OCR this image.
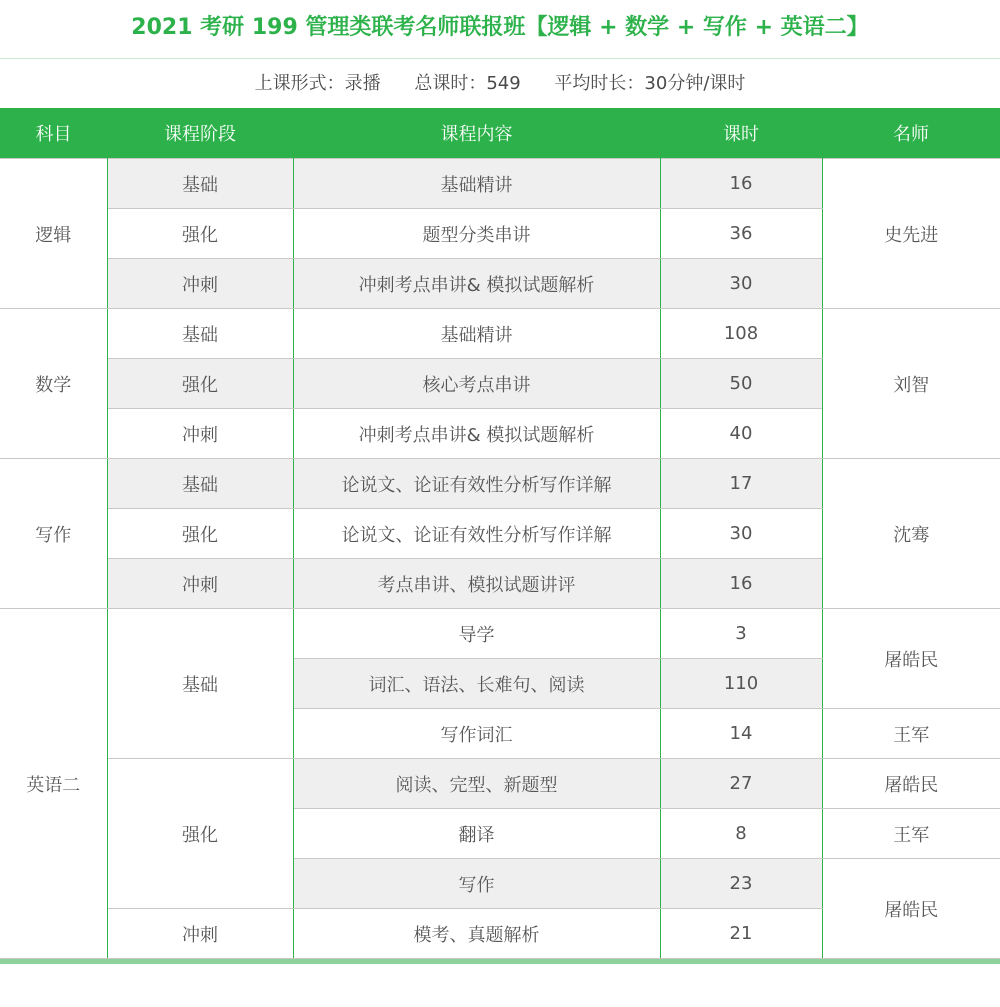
2021 考研 199 管理类联考名师联报班【逻辑 + 数学 + 写作 + 英语二】
上课形式：录播 总课时：549 平均时长：30分钟/课时
科目	课程阶段	课程内容	课时	名师
逻辑	基础	基础精讲	16	史先进
	强化	题型分类串讲	36	
	冲刺	冲刺考点串讲& 模拟试题解析	30	
数学	基础	基础精讲	108	刘智
	强化	核心考点串讲	50	
	冲刺	冲刺考点串讲& 模拟试题解析	40	
写作	基础	论说文、论证有效性分析写作详解	17	沈骞
	强化	论说文、论证有效性分析写作详解	30	
	冲刺	考点串讲、模拟试题讲评	16	
英语二	基础	导学	3	屠皓民
		词汇、语法、长难句、阅读	110	
		写作词汇	14	王军
	强化	阅读、完型、新题型	27	屠皓民
		翻译	8	王军
		写作	23	屠皓民
	冲刺	模考、真题解析	21	
